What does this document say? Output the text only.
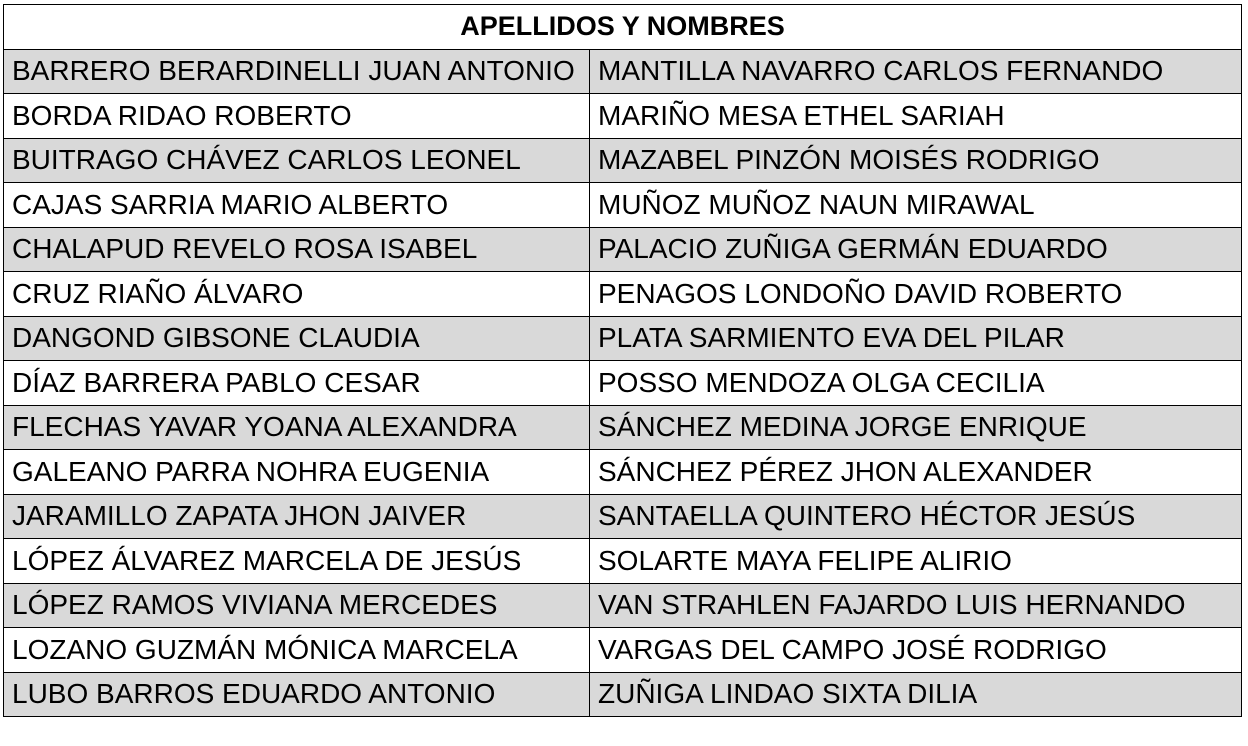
APELLIDOS Y NOMBRES	
BARRERO BERARDINELLI JUAN ANTONIO	MANTILLA NAVARRO CARLOS FERNANDO
BORDA RIDAO ROBERTO	MARIÑO MESA ETHEL SARIAH
BUITRAGO CHÁVEZ CARLOS LEONEL	MAZABEL PINZÓN MOISÉS RODRIGO
CAJAS SARRIA MARIO ALBERTO	MUÑOZ MUÑOZ NAUN MIRAWAL
CHALAPUD REVELO ROSA ISABEL	PALACIO ZUÑIGA GERMÁN EDUARDO
CRUZ RIAÑO ÁLVARO	PENAGOS LONDOÑO DAVID ROBERTO
DANGOND GIBSONE CLAUDIA	PLATA SARMIENTO EVA DEL PILAR
DÍAZ BARRERA PABLO CESAR	POSSO MENDOZA OLGA CECILIA
FLECHAS YAVAR YOANA ALEXANDRA	SÁNCHEZ MEDINA JORGE ENRIQUE
GALEANO PARRA NOHRA EUGENIA	SÁNCHEZ PÉREZ JHON ALEXANDER
JARAMILLO ZAPATA JHON JAIVER	SANTAELLA QUINTERO HÉCTOR JESÚS
LÓPEZ ÁLVAREZ MARCELA DE JESÚS	SOLARTE MAYA FELIPE ALIRIO
LÓPEZ RAMOS VIVIANA MERCEDES	VAN STRAHLEN FAJARDO LUIS HERNANDO
LOZANO GUZMÁN MÓNICA MARCELA	VARGAS DEL CAMPO JOSÉ RODRIGO
LUBO BARROS EDUARDO ANTONIO	ZUÑIGA LINDAO SIXTA DILIA
